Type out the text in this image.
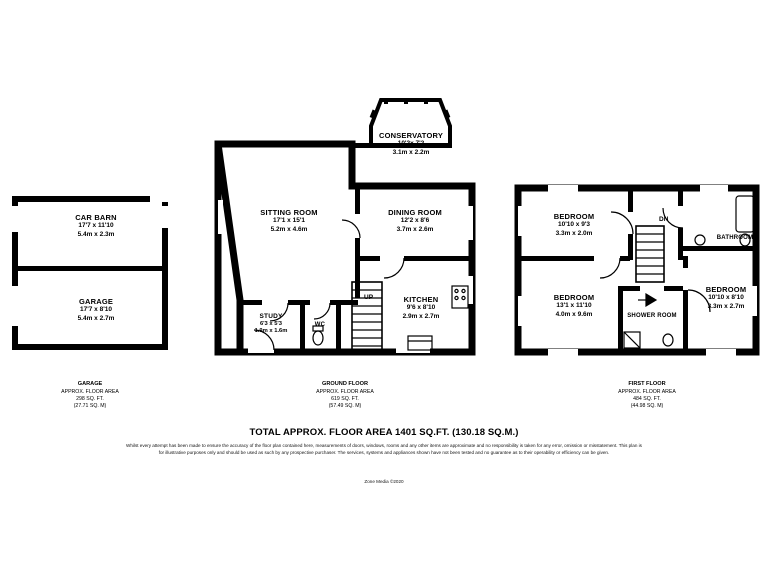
CAR BARN
17'7 x 11'10
5.4m x 2.3m
GARAGE
17'7 x 8'10
5.4m x 2.7m
GARAGE
APPROX. FLOOR AREA
298 SQ. FT.
(27.71 SQ. M)
CONSERVATORY
10'2x 7'2
3.1m x 2.2m
SITTING ROOM
17'1 x 15'1
5.2m x 4.6m
DINING ROOM
12'2 x 8'6
3.7m x 2.6m
KITCHEN
9'6 x 8'10
2.9m x 2.7m
STUDY
6'3 x 5'3
1.9m x 1.6m
WC
UP
GROUND FLOOR
APPROX. FLOOR AREA
619 SQ. FT.
(57.49 SQ. M)
BEDROOM
10'10 x 9'3
3.3m x 2.0m
BEDROOM
13'1 x 11'10
4.0m x 9.6m
BEDROOM
10'10 x 8'10
3.3m x 2.7m
BATHROOM
SHOWER ROOM
DN
FIRST FLOOR
APPROX. FLOOR AREA
484 SQ. FT.
(44.98 SQ. M)
TOTAL APPROX. FLOOR AREA 1401 SQ.FT. (130.18 SQ.M.)
Whilst every attempt has been made to ensure the accuracy of the floor plan contained here, measurements of doors, windows, rooms and any other items are approximate and no responsibility is taken for any error, omission or misstatement. This plan is for illustrative purposes only and should be used as such by any prospective purchaser. The services, systems and appliances shown have not been tested and no guarantee as to their operability or efficiency can be given.
Zone Media ©2020
